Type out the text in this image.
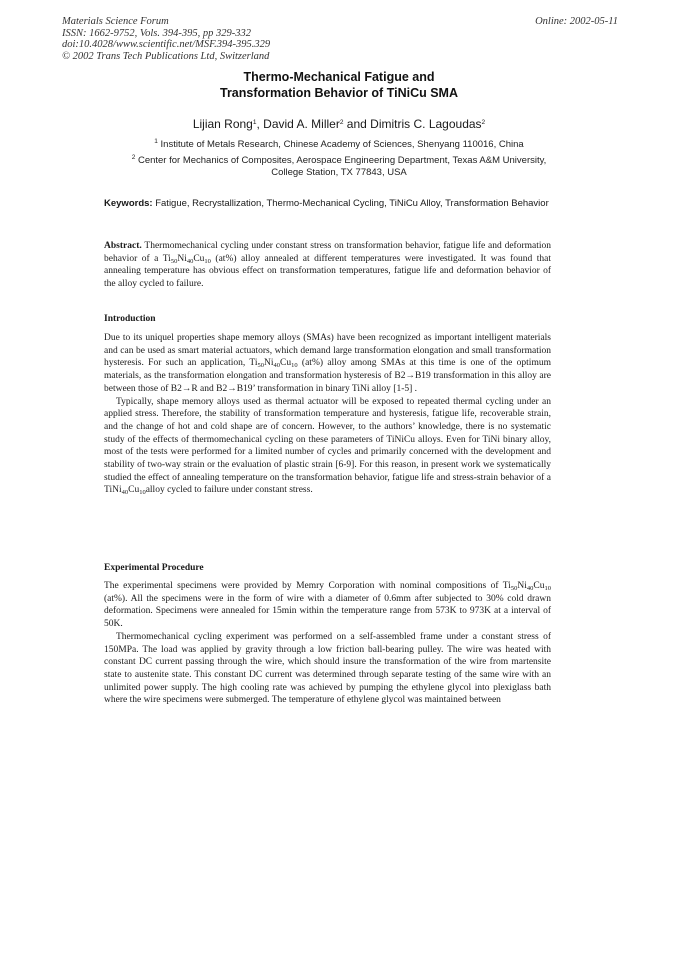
Materials Science Forum
ISSN: 1662-9752, Vols. 394-395, pp 329-332
doi:10.4028/www.scientific.net/MSF.394-395.329
© 2002 Trans Tech Publications Ltd, Switzerland
Online: 2002-05-11
Thermo-Mechanical Fatigue and
Transformation Behavior of TiNiCu SMA
Lijian Rong$^1$, David A. Miller$^2$ and Dimitris C. Lagoudas$^2$

$^1$ Institute of Metals Research, Chinese Academy of Sciences, Shenyang 110016, China

$^2$ Center for Mechanics of Composites, Aerospace Engineering Department, Texas A&M University, College Station, TX 77843, USA

Keywords: Fatigue, Recrystallization, Thermo-Mechanical Cycling, TiNiCu Alloy, Transformation Behavior

Abstract. Thermomechanical cycling under constant stress on transformation behavior, fatigue life and deformation behavior of a $Ti_{50}Ni_{40}Cu_{10}$ (at%) alloy annealed at different temperatures were investigated. It was found that annealing temperature has obvious effect on transformation temperatures, fatigue life and deformation behavior of the alloy cycled to failure.

Introduction

Due to its uniquel properties shape memory alloys (SMAs) have been recognized as important intelligent materials and can be used as smart material actuators, which demand large transformation elongation and small transformation hysteresis. For such an application, $Ti_{50}Ni_{40}Cu_{10}$ (at%) alloy among SMAs at this time is one of the optimum materials, as the transformation elongation and transformation hysteresis of B2→B19 transformation in this alloy are between those of B2→R and B2→B19’ transformation in binary TiNi alloy [1-5] .

Typically, shape memory alloys used as thermal actuator will be exposed to repeated thermal cycling under an applied stress. Therefore, the stability of transformation temperature and hysteresis, fatigue life, recoverable strain, and the change of hot and cold shape are of concern. However, to the authors’ knowledge, there is no systematic study of the effects of thermomechanical cycling on these parameters of TiNiCu alloys. Even for TiNi binary alloy, most of the tests were performed for a limited number of cycles and primarily concerned with the development and stability of two-way strain or the evaluation of plastic strain [6-9]. For this reason, in present work we systematically studied the effect of annealing temperature on the transformation behavior, fatigue life and stress-strain behavior of a $TiNi_{40}Cu_{10}alloy$ cycled to failure under constant stress.

Experimental Procedure

The experimental specimens were provided by Memry Corporation with nominal compositions of $Ti_{50}Ni_{40}Cu_{10}$ (at%). All the specimens were in the form of wire with a diameter of 0.6mm after subjected to 30% cold drawn deformation. Specimens were annealed for 15min within the temperature range from 573K to 973K at a interval of 50K.

Thermomechanical cycling experiment was performed on a self-assembled frame under a constant stress of 150MPa. The load was applied by gravity through a low friction ball-bearing pulley. The wire was heated with constant DC current passing through the wire, which should insure the transformation of the wire from martensite state to austenite state. This constant DC current was determined through separate testing of the same wire with an unlimited power supply. The high cooling rate was achieved by pumping the ethylene glycol into plexiglass bath where the wire specimens were submerged. The temperature of ethylene glycol was maintained between
